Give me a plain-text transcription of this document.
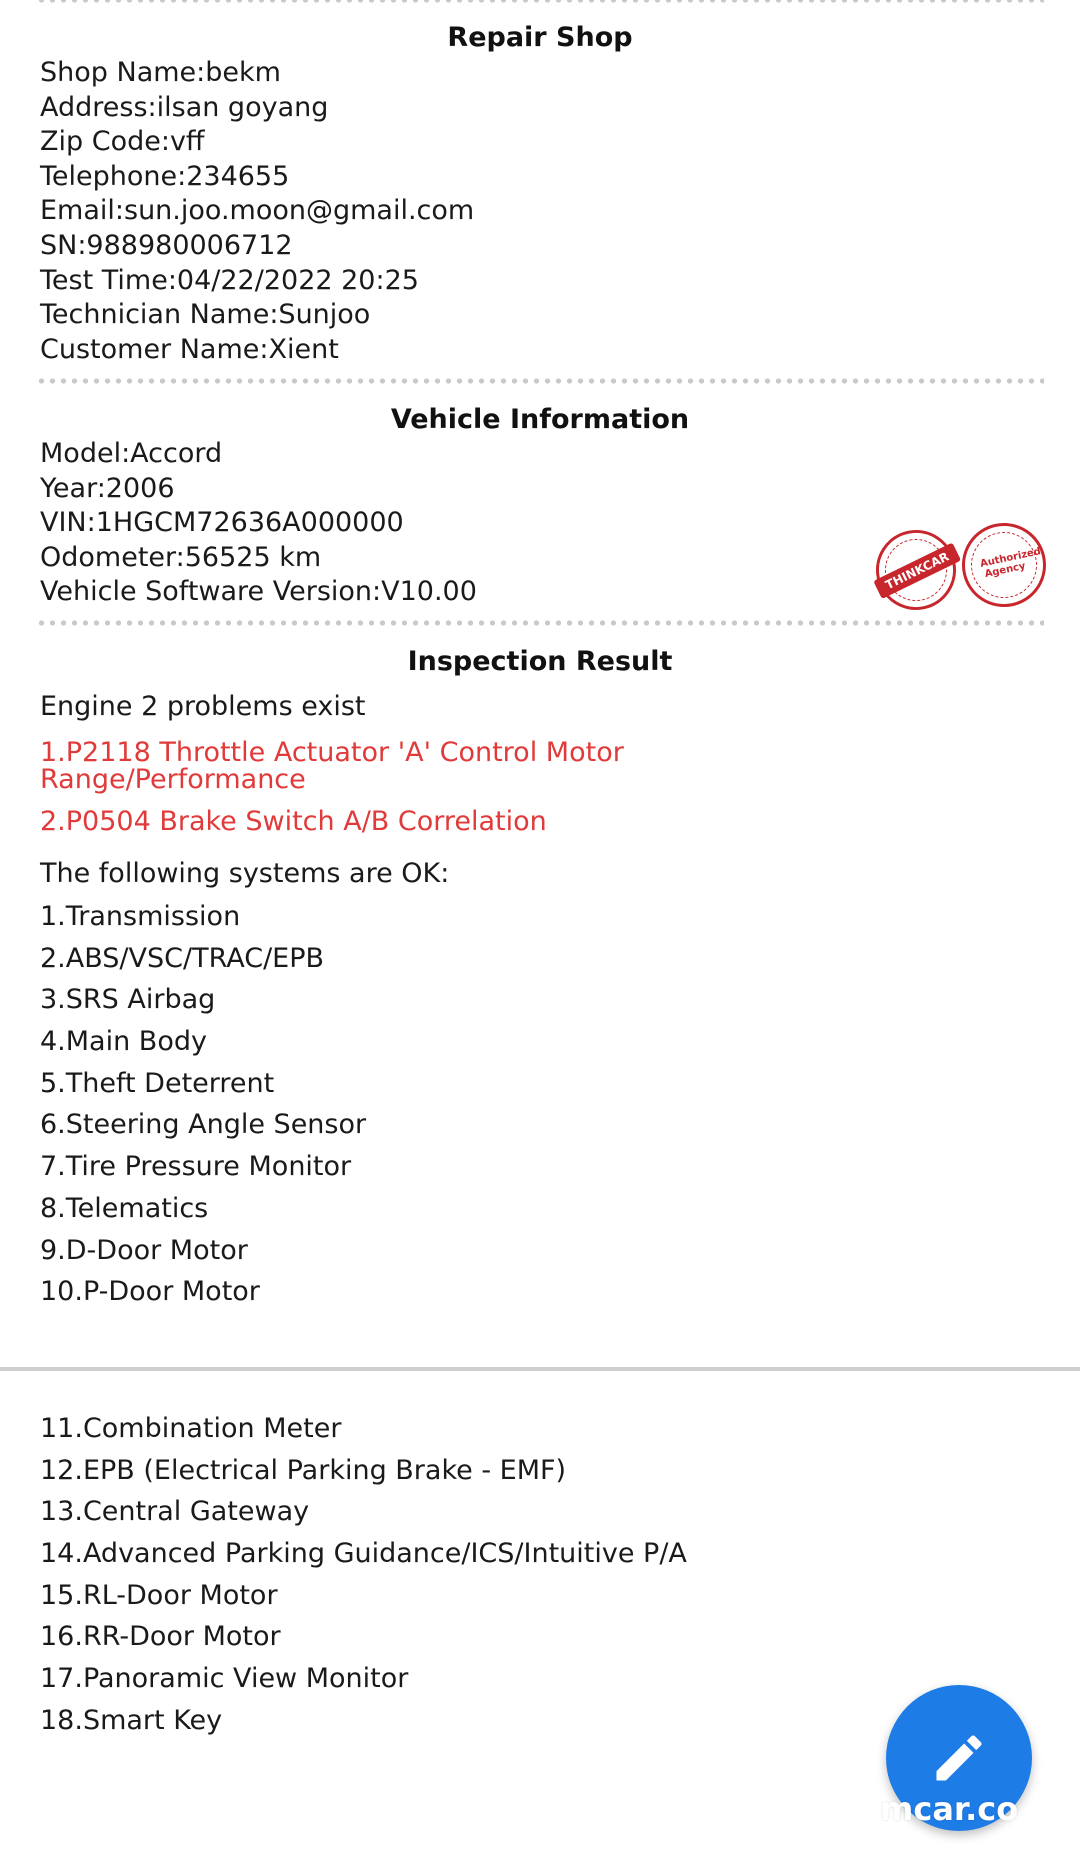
Repair Shop
Shop Name:bekm
Address:ilsan goyang
Zip Code:vff
Telephone:234655
Email:sun.joo.moon@gmail.com
SN:988980006712
Test Time:04/22/2022 20:25
Technician Name:Sunjoo
Customer Name:Xient
Vehicle Information
Model:Accord
Year:2006
VIN:1HGCM72636A000000
Odometer:56525 km
Vehicle Software Version:V10.00	THINKCAR	Authorized Agency
Inspection Result
Engine 2 problems exist
1.P2118 Throttle Actuator 'A' Control Motor Range/Performance
2.P0504 Brake Switch A/B Correlation
The following systems are OK:
1.Transmission
2.ABS/VSC/TRAC/EPB
3.SRS Airbag
4.Main Body
5.Theft Deterrent
6.Steering Angle Sensor
7.Tire Pressure Monitor
8.Telematics
9.D-Door Motor
10.P-Door Motor
11.Combination Meter
12.EPB (Electrical Parking Brake - EMF)
13.Central Gateway
14.Advanced Parking Guidance/ICS/Intuitive P/A
15.RL-Door Motor
16.RR-Door Motor
17.Panoramic View Monitor
18.Smart Key
mcar.co
